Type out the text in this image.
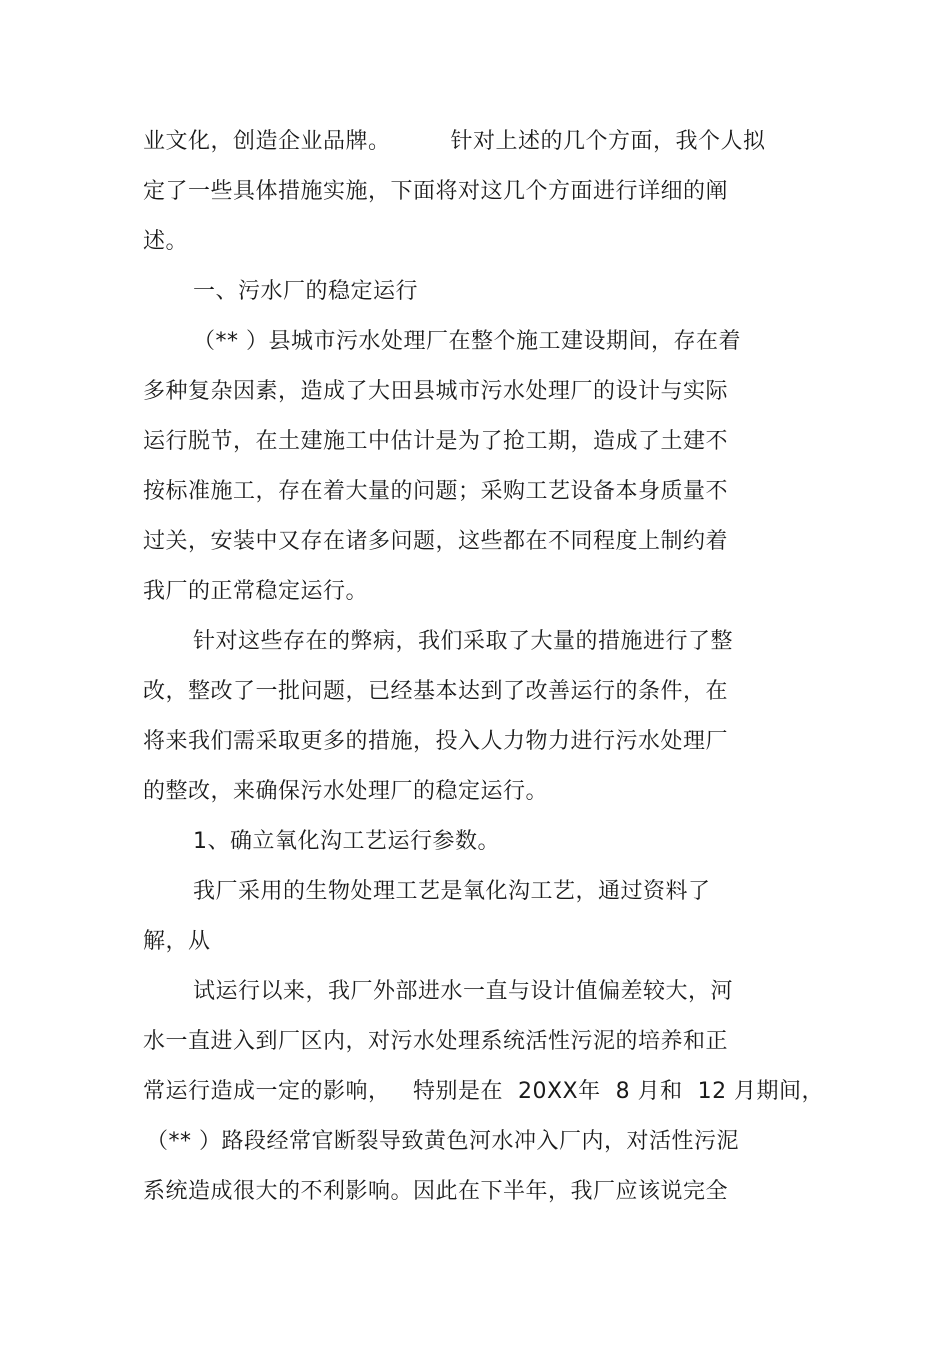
业文化，创造企业品牌。        针对上述的几个方面，我个人拟

定了一些具体措施实施，下面将对这几个方面进行详细的阐

述。

一、污水厂的稳定运行

（** ）县城市污水处理厂在整个施工建设期间，存在着

多种复杂因素，造成了大田县城市污水处理厂的设计与实际

运行脱节，在土建施工中估计是为了抢工期，造成了土建不

按标准施工，存在着大量的问题；采购工艺设备本身质量不

过关，安装中又存在诸多问题，这些都在不同程度上制约着

我厂的正常稳定运行。

针对这些存在的弊病，我们采取了大量的措施进行了整

改，整改了一批问题，已经基本达到了改善运行的条件，在

将来我们需采取更多的措施，投入人力物力进行污水处理厂

的整改，来确保污水处理厂的稳定运行。

1、确立氧化沟工艺运行参数。

我厂采用的生物处理工艺是氧化沟工艺，通过资料了

解，从

试运行以来，我厂外部进水一直与设计值偏差较大，河

水一直进入到厂区内，对污水处理系统活性污泥的培养和正

常运行造成一定的影响，   特别是在  20XX年  8 月和  12 月期间，

（** ）路段经常官断裂导致黄色河水冲入厂内，对活性污泥

系统造成很大的不利影响。因此在下半年，我厂应该说完全
